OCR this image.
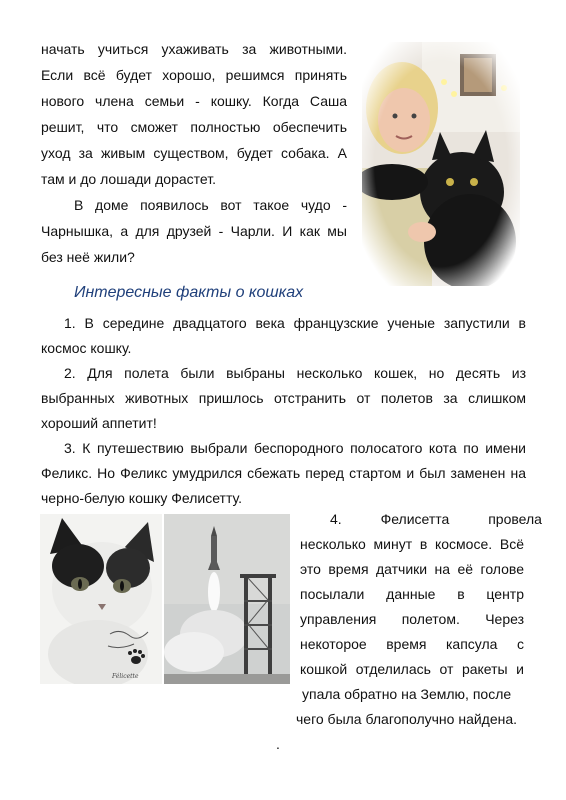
начать учиться ухаживать за животными.
Если всё будет хорошо, решимся принять
нового члена семьи - кошку. Когда Саша
решит, что сможет полностью обеспечить
уход за живым существом, будет собака. А
там и до лошади дорастет.
В доме появилось вот такое чудо -
Чарнышка, а для друзей - Чарли. И как мы
без неё жили?
Интересные факты о кошках
1. В середине двадцатого века французские ученые запустили в
космос кошку.
2. Для полета были выбраны несколько кошек, но десять из
выбранных животных пришлось отстранить от полетов за слишком
хороший аппетит!
3. К путешествию выбрали беспородного полосатого кота по имени
Феликс. Но Феликс умудрился сбежать перед стартом и был заменен на
черно-белую кошку Фелисетту.
Félicette
4.          Фелисетта          провела
несколько минут в космосе. Всё
это время датчики на её голове
посылали данные в центр
управления полетом. Через
некоторое время капсула с
кошкой отделилась от ракеты и
упала обратно на Землю, после
чего была благополучно найдена.
.
